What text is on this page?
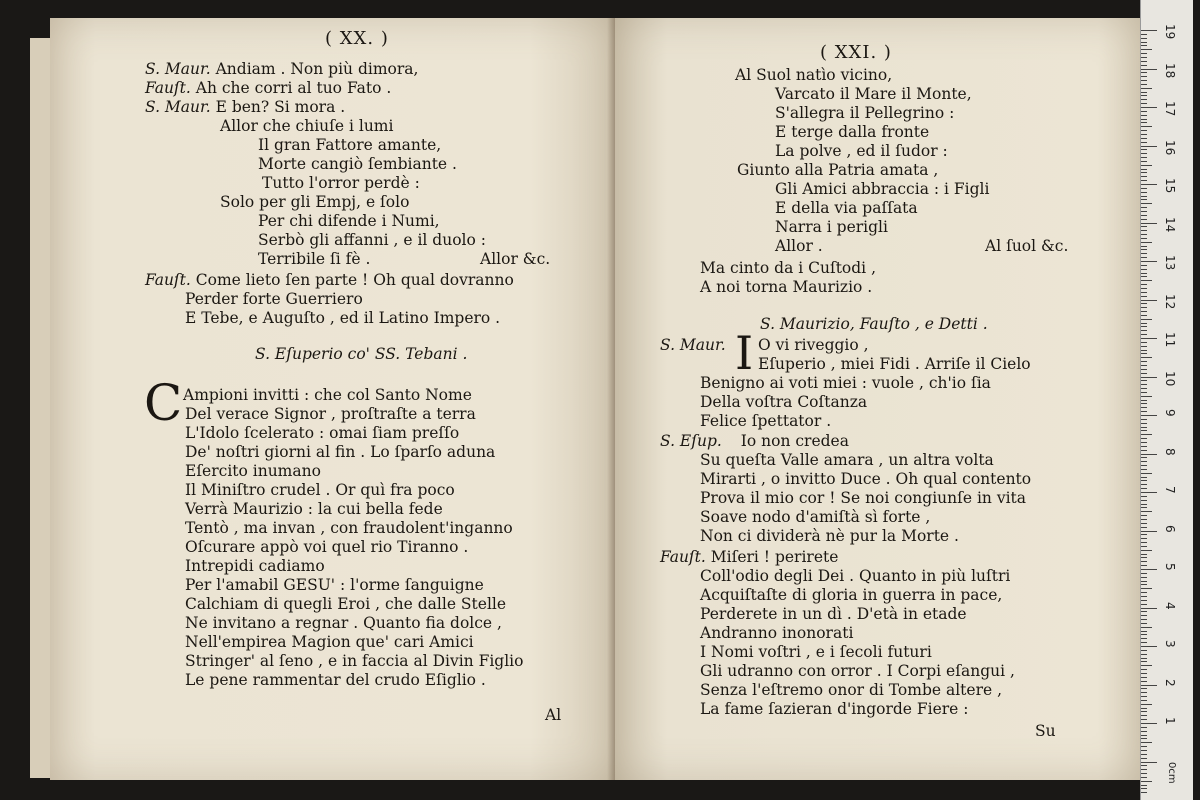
( XX. )
S. Maur. Andiam . Non più dimora,
Fauſt. Ah che corri al tuo Fato .
S. Maur. E ben? Si mora .
Allor che chiuſe i lumi
Il gran Fattore amante,
Morte cangiò ſembiante .
Tutto l'orror perdè :
Solo per gli Empj, e ſolo
Per chi difende i Numi,
Serbò gli affanni , e il duolo :
Terribile ſi fè .	Allor &c.
Fauſt. Come lieto ſen parte ! Oh qual dovranno
Perder forte Guerriero
E Tebe, e Auguſto , ed il Latino Impero .
S. Eſuperio co' SS. Tebani .
C Ampioni invitti : che col Santo Nome
Del verace Signor , proſtraſte a terra
L'Idolo ſcelerato : omai ſiam preſſo
De' noſtri giorni al fin . Lo ſparſo aduna
Eſercito inumano
Il Miniſtro crudel . Or quì fra poco
Verrà Maurizio : la cui bella fede
Tentò , ma invan , con fraudolent'inganno
Oſcurare appò voi quel rio Tiranno .
Intrepidi cadiamo
Per l'amabil GESU' : l'orme ſanguigne
Calchiam di quegli Eroi , che dalle Stelle
Ne invitano a regnar . Quanto fia dolce ,
Nell'empirea Magion que' cari Amici
Stringer' al ſeno , e in faccia al Divin Figlio
Le pene rammentar del crudo Eſiglio .
Al
( XXI. )
Al Suol natìo vicino,
Varcato il Mare il Monte,
S'allegra il Pellegrino :
E terge dalla fronte
La polve , ed il ſudor :
Giunto alla Patria amata ,
Gli Amici abbraccia : i Figli
E della via paſſata
Narra i perigli
Allor .	Al ſuol &c.
Ma cinto da i Cuſtodi ,
A noi torna Maurizio .
S. Maurizio, Fauſto , e Detti .
S. Maur. I O vi riveggio ,
Eſuperio , miei Fidi . Arriſe il Cielo
Benigno ai voti miei : vuole , ch'io ſia
Della voſtra Coſtanza
Felice ſpettator .
S. Eſup. Io non credea
Su queſta Valle amara , un altra volta
Mirarti , o invitto Duce . Oh qual contento
Prova il mio cor ! Se noi congiunſe in vita
Soave nodo d'amiſtà sì forte ,
Non ci dividerà nè pur la Morte .
Fauſt. Miſeri ! perirete
Coll'odio degli Dei . Quanto in più luſtri
Acquiſtaſte di gloria in guerra in pace,
Perderete in un dì . D'età in etade
Andranno inonorati
I Nomi voſtri , e i ſecoli futuri
Gli udranno con orror . I Corpi eſangui ,
Senza l'eſtremo onor di Tombe altere ,
La fame ſazieran d'ingorde Fiere :
Su
19
18
17
16
15
14
13
12
11
10
9
8
7
6
5
4
3
2
1
0cm
